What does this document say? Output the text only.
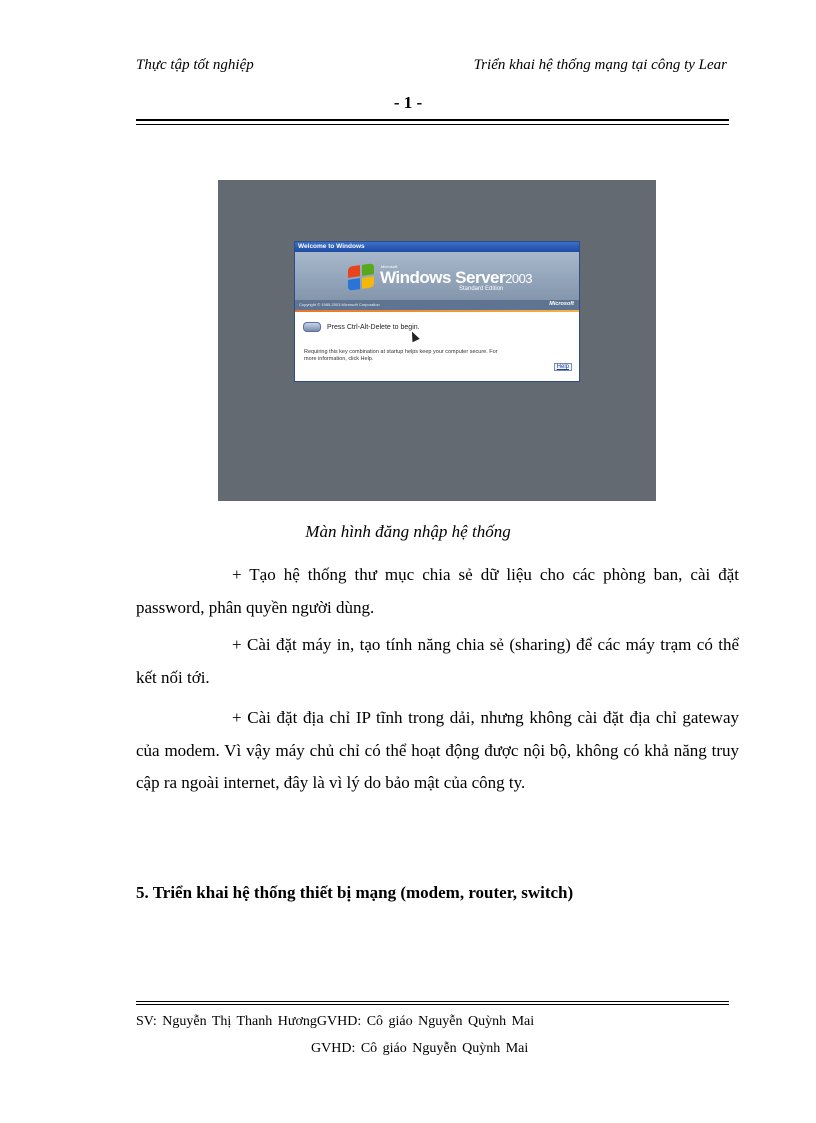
Thực tập tốt nghiệp	Triển khai hệ thống mạng tại công ty Lear
- 1 -
Welcome to Windows
Microsoft
Windows Server2003
Standard Edition
Copyright © 1985-2003 Microsoft Corporation	Microsoft
Press Ctrl-Alt-Delete to begin.
Requiring this key combination at startup helps keep your computer secure. For more information, click Help.
Help
Màn hình đăng nhập hệ thống

+ Tạo hệ thống thư mục chia sẻ dữ liệu cho các phòng ban, cài đặt password, phân quyền người dùng.

+ Cài đặt máy in, tạo tính năng chia sẻ (sharing) để các máy trạm có thể kết nối tới.

+ Cài đặt địa chỉ IP tĩnh trong dải, nhưng không cài đặt địa chỉ gateway của modem. Vì vậy máy chủ chỉ có thể hoạt động được nội bộ, không có khả năng truy cập ra ngoài internet, đây là vì lý do bảo mật của công ty.

5. Triển khai hệ thống thiết bị mạng (modem, router, switch)
SV: Nguyễn Thị Thanh HươngGVHD: Cô giáo Nguyễn Quỳnh Mai
GVHD: Cô giáo Nguyễn Quỳnh Mai
